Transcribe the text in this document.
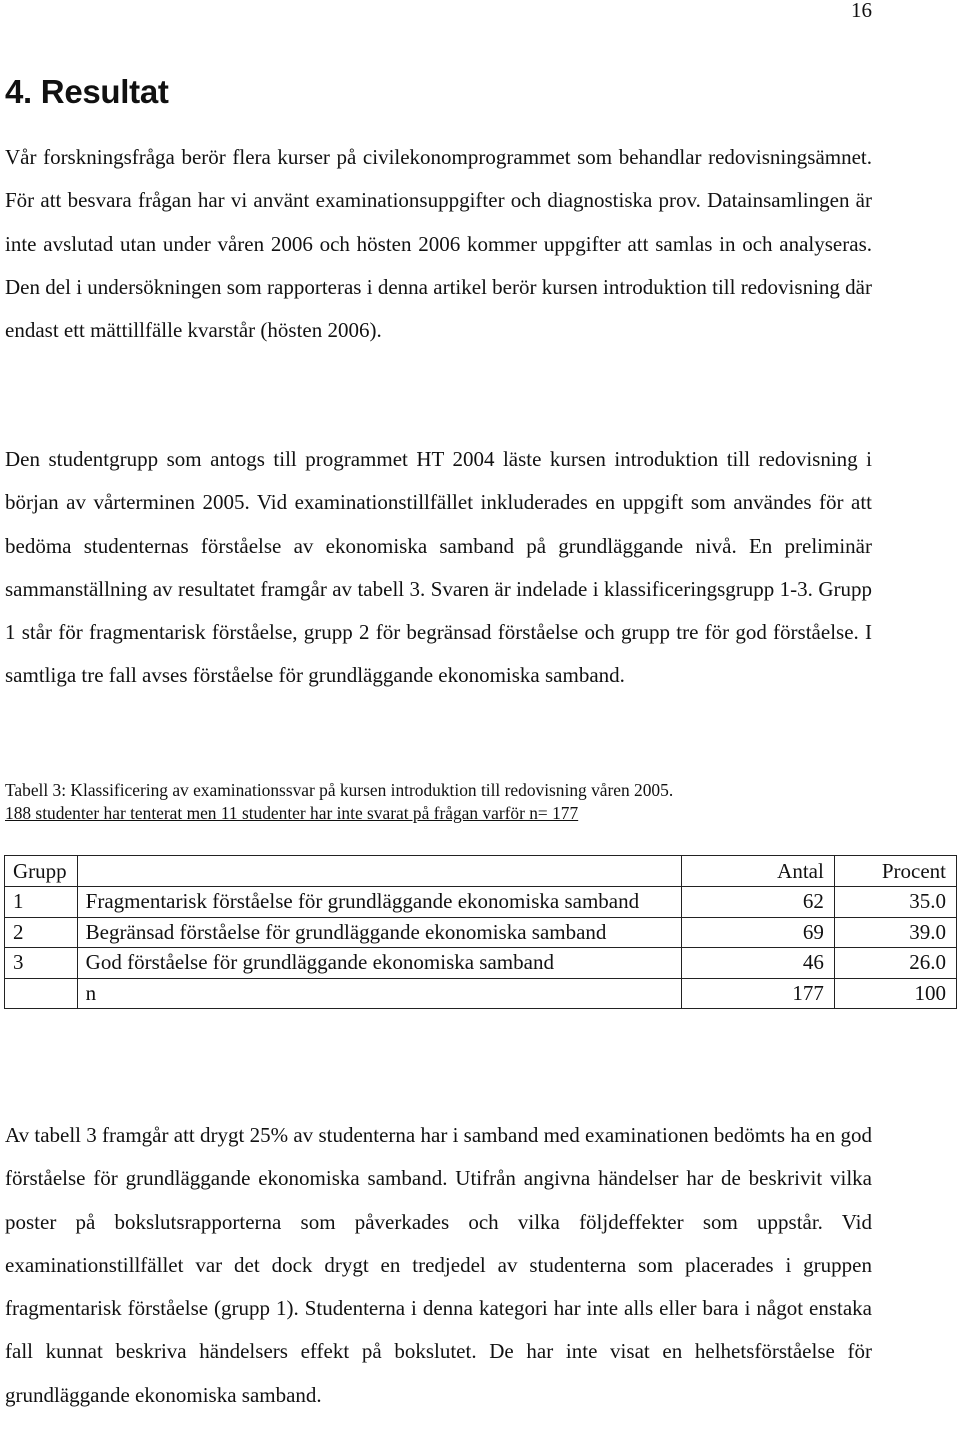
16
4. Resultat

Vår forskningsfråga berör flera kurser på civilekonomprogrammet som behandlar redovisningsämnet. För att besvara frågan har vi använt examinationsuppgifter och diagnostiska prov. Datainsamlingen är inte avslutad utan under våren 2006 och hösten 2006 kommer uppgifter att samlas in och analyseras. Den del i undersökningen som rapporteras i denna artikel berör kursen introduktion till redovisning där endast ett mättillfälle kvarstår (hösten 2006).

Den studentgrupp som antogs till programmet HT 2004 läste kursen introduktion till redovisning i början av vårterminen 2005. Vid examinationstillfället inkluderades en uppgift som användes för att bedöma studenternas förståelse av ekonomiska samband på grundläggande nivå. En preliminär sammanställning av resultatet framgår av tabell 3. Svaren är indelade i klassificeringsgrupp 1-3. Grupp 1 står för fragmentarisk förståelse, grupp 2 för begränsad förståelse och grupp tre för god förståelse. I samtliga tre fall avses förståelse för grundläggande ekonomiska samband.

Tabell 3: Klassificering av examinationssvar på kursen introduktion till redovisning våren 2005.

188 studenter har tenterat men 11 studenter har inte svarat på frågan varför n= 177

Grupp		Antal	Procent
1	Fragmentarisk förståelse för grundläggande ekonomiska samband	62	35.0
2	Begränsad förståelse för grundläggande ekonomiska samband	69	39.0
3	God förståelse för grundläggande ekonomiska samband	46	26.0
	n	177	100

Av tabell 3 framgår att drygt 25% av studenterna har i samband med examinationen bedömts ha en god förståelse för grundläggande ekonomiska samband. Utifrån angivna händelser har de beskrivit vilka poster på bokslutsrapporterna som påverkades och vilka följdeffekter som uppstår. Vid examinationstillfället var det dock drygt en tredjedel av studenterna som placerades i gruppen fragmentarisk förståelse (grupp 1). Studenterna i denna kategori har inte alls eller bara i något enstaka fall kunnat beskriva händelsers effekt på bokslutet. De har inte visat en helhetsförståelse för grundläggande ekonomiska samband.
